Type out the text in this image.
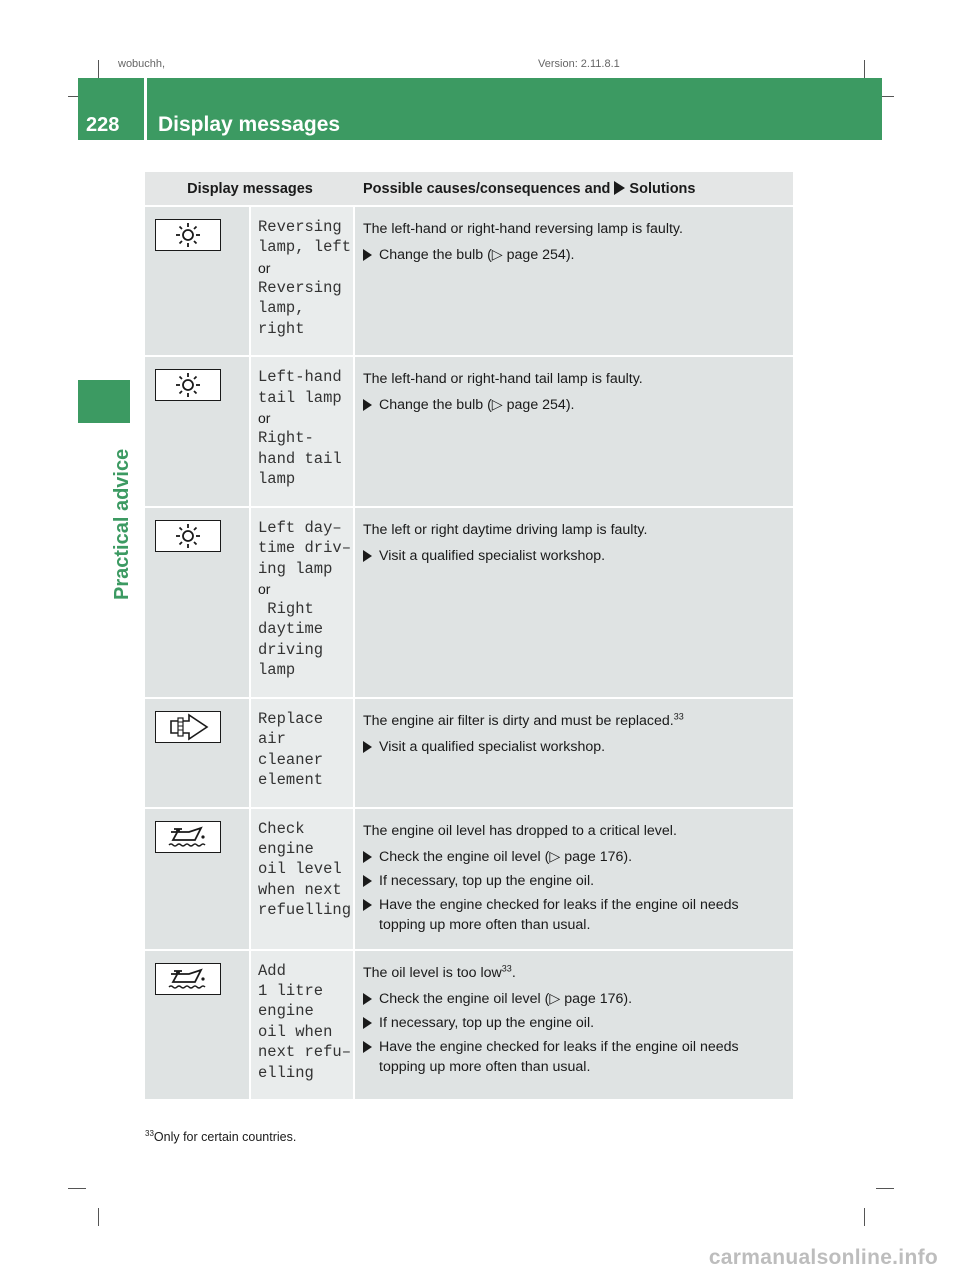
wobuchh,	Version: 2.11.8.1
228 Display messages
Practical advice
Display messages	Possible causes/consequences and Solutions
Reversing
lamp, left
or
Reversing
lamp,
right
The left-hand or right-hand reversing lamp is faulty.
Change the bulb (▷ page 254).
Left-hand
tail lamp
or
Right-
hand tail
lamp
The left-hand or right-hand tail lamp is faulty.
Change the bulb (▷ page 254).
Left day–
time driv–
ing lamp
or
Right
daytime
driving
lamp
The left or right daytime driving lamp is faulty.
Visit a qualified specialist workshop.
Replace
air
cleaner
element
The engine air filter is dirty and must be replaced.$^{33}$
Visit a qualified specialist workshop.
Check
engine
oil level
when next
refuelling
The engine oil level has dropped to a critical level.
Check the engine oil level (▷ page 176).
If necessary, top up the engine oil.
Have the engine checked for leaks if the engine oil needs topping up more often than usual.
Add
1 litre
engine
oil when
next refu–
elling
The oil level is too low$^{33}$.
Check the engine oil level (▷ page 176).
If necessary, top up the engine oil.
Have the engine checked for leaks if the engine oil needs topping up more often than usual.
$^{33}$Only for certain countries.
carmanualsonline.info
